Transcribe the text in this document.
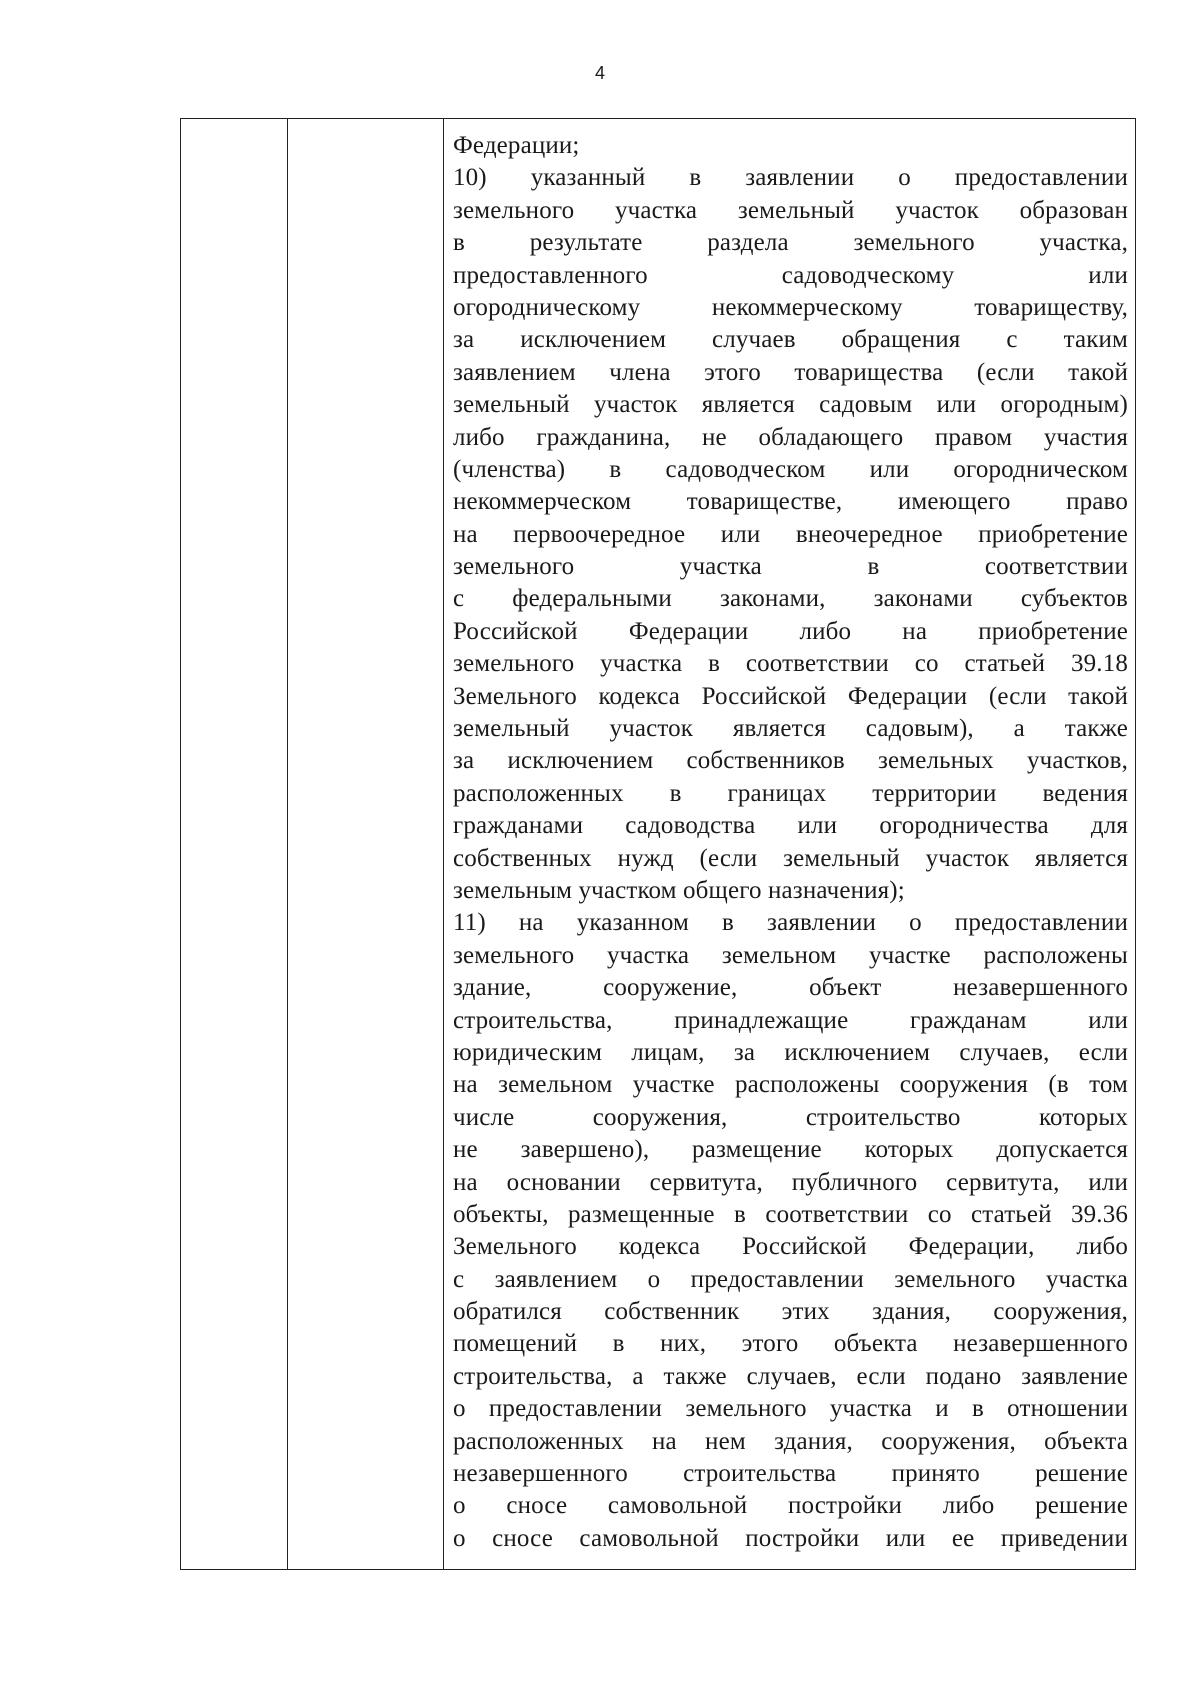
4

Федерации;
10) указанный в заявлении о предоставлении
земельного участка земельный участок образован
в результате раздела земельного участка,
предоставленного садоводческому или
огородническому некоммерческому товариществу,
за исключением случаев обращения с таким
заявлением члена этого товарищества (если такой
земельный участок является садовым или огородным)
либо гражданина, не обладающего правом участия
(членства) в садоводческом или огородническом
некоммерческом товариществе, имеющего право
на первоочередное или внеочередное приобретение
земельного участка в соответствии
с федеральными законами, законами субъектов
Российской Федерации либо на приобретение
земельного участка в соответствии со статьей 39.18
Земельного кодекса Российской Федерации (если такой
земельный участок является садовым), а также
за исключением собственников земельных участков,
расположенных в границах территории ведения
гражданами садоводства или огородничества для
собственных нужд (если земельный участок является
земельным участком общего назначения);
11) на указанном в заявлении о предоставлении
земельного участка земельном участке расположены
здание, сооружение, объект незавершенного
строительства, принадлежащие гражданам или
юридическим лицам, за исключением случаев, если
на земельном участке расположены сооружения (в том
числе сооружения, строительство которых
не завершено), размещение которых допускается
на основании сервитута, публичного сервитута, или
объекты, размещенные в соответствии со статьей 39.36
Земельного кодекса Российской Федерации, либо
с заявлением о предоставлении земельного участка
обратился собственник этих здания, сооружения,
помещений в них, этого объекта незавершенного
строительства, а также случаев, если подано заявление
о предоставлении земельного участка и в отношении
расположенных на нем здания, сооружения, объекта
незавершенного строительства принято решение
о сносе самовольной постройки либо решение
о сносе самовольной постройки или ее приведении
